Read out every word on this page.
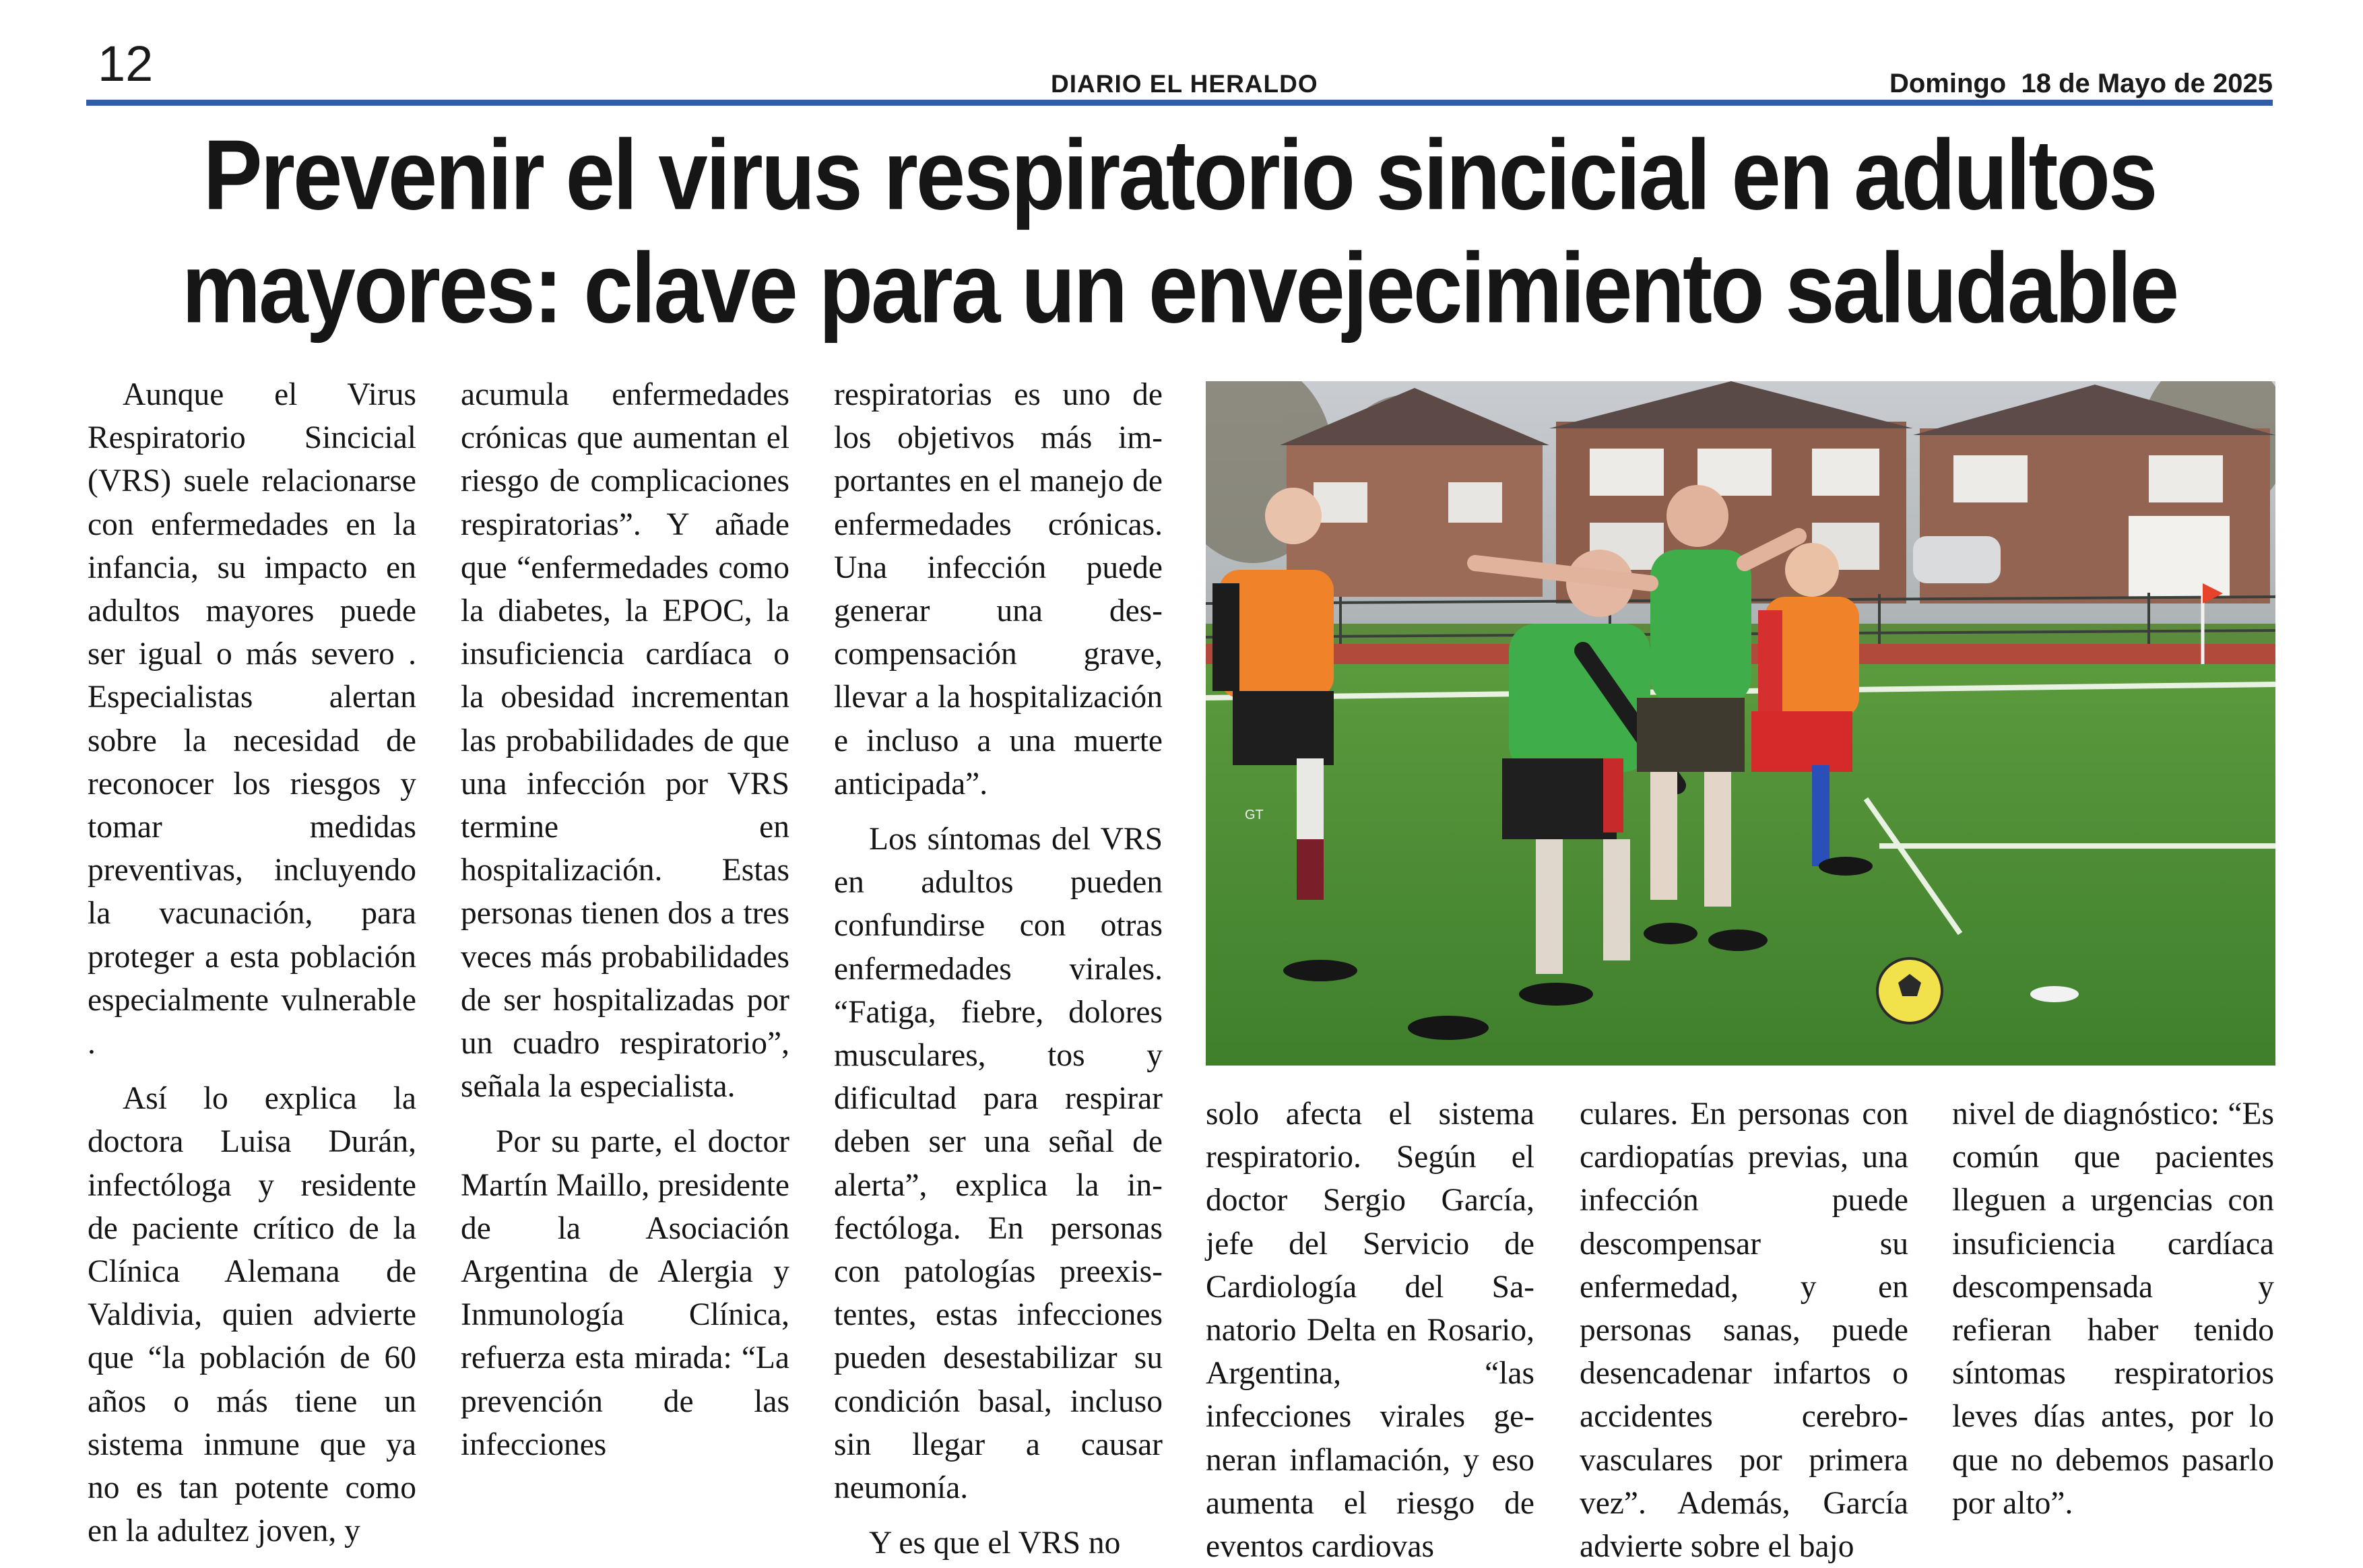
12	DIARIO EL HERALDO	Domingo  18 de Mayo de 2025
Prevenir el virus respiratorio sincicial en adultos
mayores: clave para un envejecimiento saludable

Aunque el Virus Respiratorio Sincicial (VRS) suele relacionarse con enfermedades en la infancia, su impacto en adultos mayores puede ser igual o más severo . Especialistas alertan sobre la necesidad de reconocer los riesgos y tomar medidas preventivas, incluyendo la vacunación, para proteger a esta población especialmente vulnerable .

Así lo explica la doctora Luisa Durán, infectóloga y residente de paciente crítico de la Clínica Alemana de Valdivia, quien advierte que “la población de 60 años o más tiene un sistema inmune que ya no es tan potente como en la adultez joven, y

acumula enfermedades crónicas que aumentan el riesgo de complicaciones respiratorias”. Y añade que “enfermedades como la diabetes, la EPOC, la insuficiencia cardíaca o la obesidad incrementan las probabilidades de que una infección por VRS termine en hospitalización. Estas personas tienen dos a tres veces más probabilidades de ser hospitalizadas por un cuadro respiratorio”, señala la especialista.

Por su parte, el doctor Martín Maillo, presidente de la Asociación Argentina de Alergia y Inmunología Clínica, refuerza esta mirada: “La prevención de las infecciones

respiratorias es uno de los objetivos más importantes en el manejo de enfermedades crónicas. Una infección puede generar una descompensación grave, llevar a la hospitalización e incluso a una muerte anticipada”.

Los síntomas del VRS en adultos pueden confundirse con otras enfermedades virales. “Fatiga, fiebre, dolores musculares, tos y dificultad para respirar deben ser una señal de alerta”, explica la infectóloga. En personas con patologías preexistentes, estas infecciones pueden desestabilizar su condición basal, incluso sin llegar a causar neumonía.

Y es que el VRS no

solo afecta el sistema respiratorio. Según el doctor Sergio García, jefe del Servicio de Cardiología del Sanatorio Delta en Rosario, Argentina, “las infecciones virales generan inflamación, y eso aumenta el riesgo de eventos cardiovas

culares. En personas con cardiopatías previas, una infección puede descompensar su enfermedad, y en personas sanas, puede desencadenar infartos o accidentes cerebrovasculares por primera vez”. Además, García advierte sobre el bajo

nivel de diagnóstico: “Es común que pacientes lleguen a urgencias con insuficiencia cardíaca descompensada y refieran haber tenido síntomas respiratorios leves días antes, por lo que no debemos pasarlo por alto”.

GT
